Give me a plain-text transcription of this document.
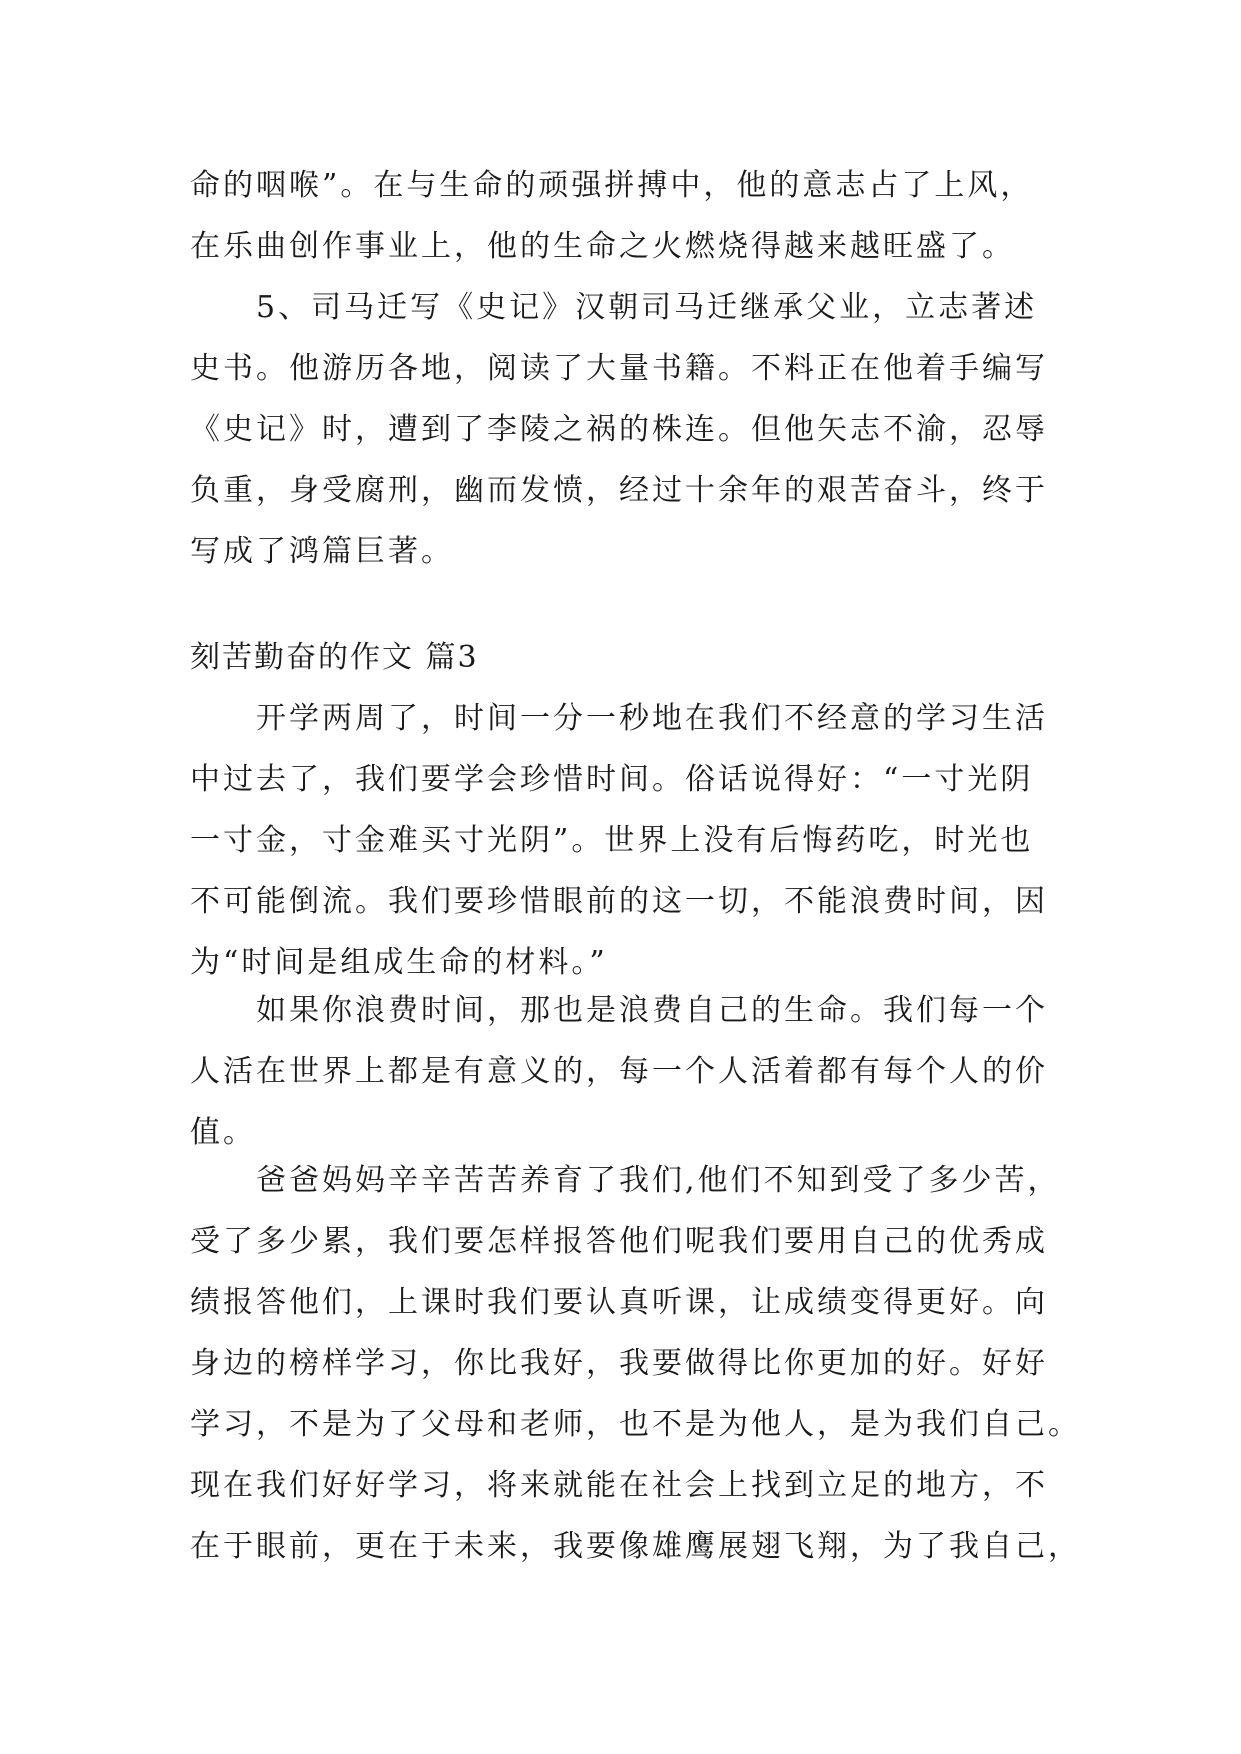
命的咽喉”。在与生命的顽强拼搏中，他的意志占了上风，
在乐曲创作事业上，他的生命之火燃烧得越来越旺盛了。
5、司马迁写《史记》汉朝司马迁继承父业，立志著述
史书。他游历各地，阅读了大量书籍。不料正在他着手编写
《史记》时，遭到了李陵之祸的株连。但他矢志不渝，忍辱
负重，身受腐刑，幽而发愤，经过十余年的艰苦奋斗，终于
写成了鸿篇巨著。
刻苦勤奋的作文 篇3
开学两周了，时间一分一秒地在我们不经意的学习生活
中过去了，我们要学会珍惜时间。俗话说得好：“一寸光阴
一寸金，寸金难买寸光阴”。世界上没有后悔药吃，时光也
不可能倒流。我们要珍惜眼前的这一切，不能浪费时间，因
为“时间是组成生命的材料。”
如果你浪费时间，那也是浪费自己的生命。我们每一个
人活在世界上都是有意义的，每一个人活着都有每个人的价
值。
爸爸妈妈辛辛苦苦养育了我们,他们不知到受了多少苦，
受了多少累，我们要怎样报答他们呢我们要用自己的优秀成
绩报答他们，上课时我们要认真听课，让成绩变得更好。向
身边的榜样学习，你比我好，我要做得比你更加的好。好好
学习，不是为了父母和老师，也不是为他人，是为我们自己。
现在我们好好学习，将来就能在社会上找到立足的地方，不
在于眼前，更在于未来，我要像雄鹰展翅飞翔，为了我自己，
